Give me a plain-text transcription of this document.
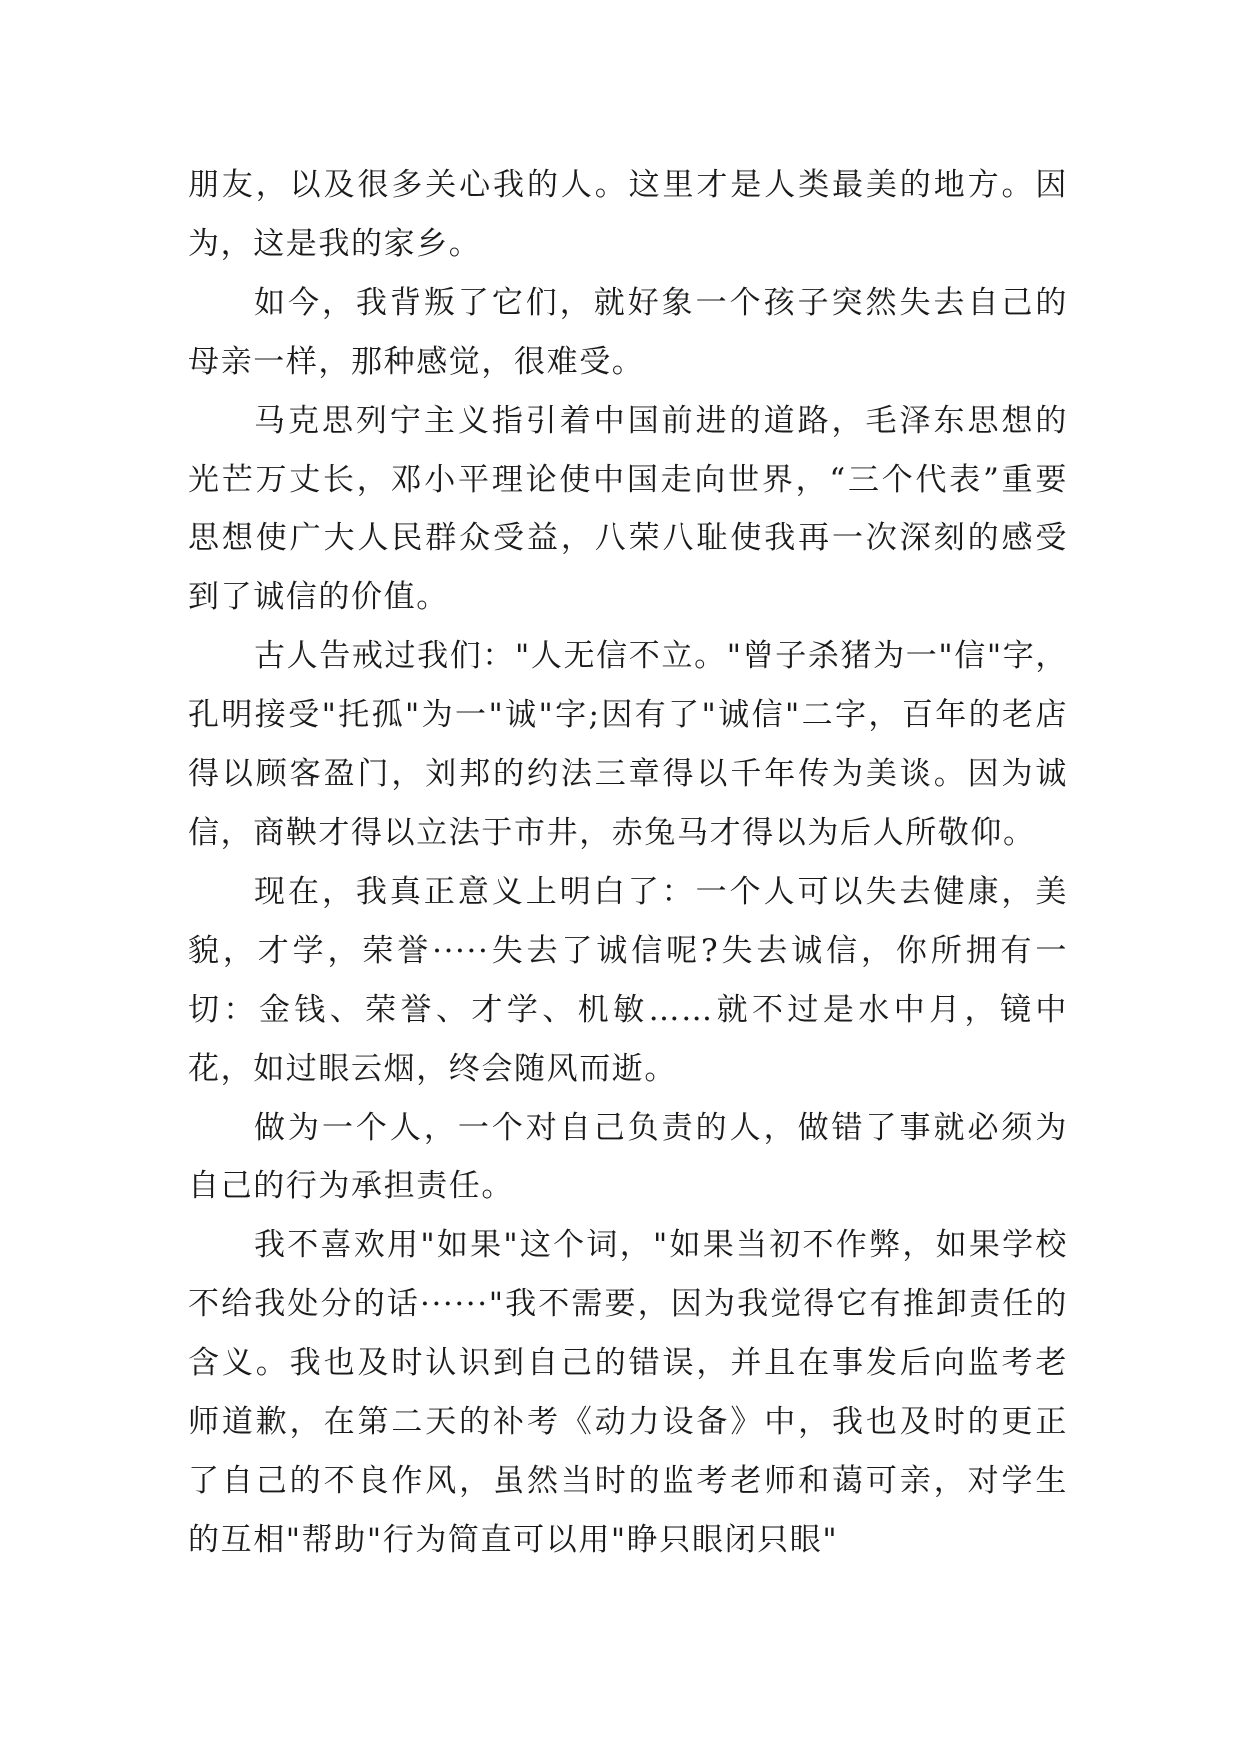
朋友，以及很多关心我的人。这里才是人类最美的地方。因为，这是我的家乡。

如今，我背叛了它们，就好象一个孩子突然失去自己的母亲一样，那种感觉，很难受。

马克思列宁主义指引着中国前进的道路，毛泽东思想的光芒万丈长，邓小平理论使中国走向世界，“三个代表”重要思想使广大人民群众受益，八荣八耻使我再一次深刻的感受到了诚信的价值。

古人告戒过我们："人无信不立。"曾子杀猪为一"信"字，孔明接受"托孤"为一"诚"字;因有了"诚信"二字，百年的老店得以顾客盈门，刘邦的约法三章得以千年传为美谈。因为诚信，商鞅才得以立法于市井，赤兔马才得以为后人所敬仰。

现在，我真正意义上明白了：一个人可以失去健康，美貌，才学，荣誉·····失去了诚信呢?失去诚信，你所拥有一切：金钱、荣誉、才学、机敏……就不过是水中月，镜中花，如过眼云烟，终会随风而逝。

做为一个人，一个对自己负责的人，做错了事就必须为自己的行为承担责任。

我不喜欢用"如果"这个词，"如果当初不作弊，如果学校不给我处分的话······"我不需要，因为我觉得它有推卸责任的含义。我也及时认识到自己的错误，并且在事发后向监考老师道歉，在第二天的补考《动力设备》中，我也及时的更正了自己的不良作风，虽然当时的监考老师和蔼可亲，对学生的互相"帮助"行为简直可以用"睁只眼闭只眼"
